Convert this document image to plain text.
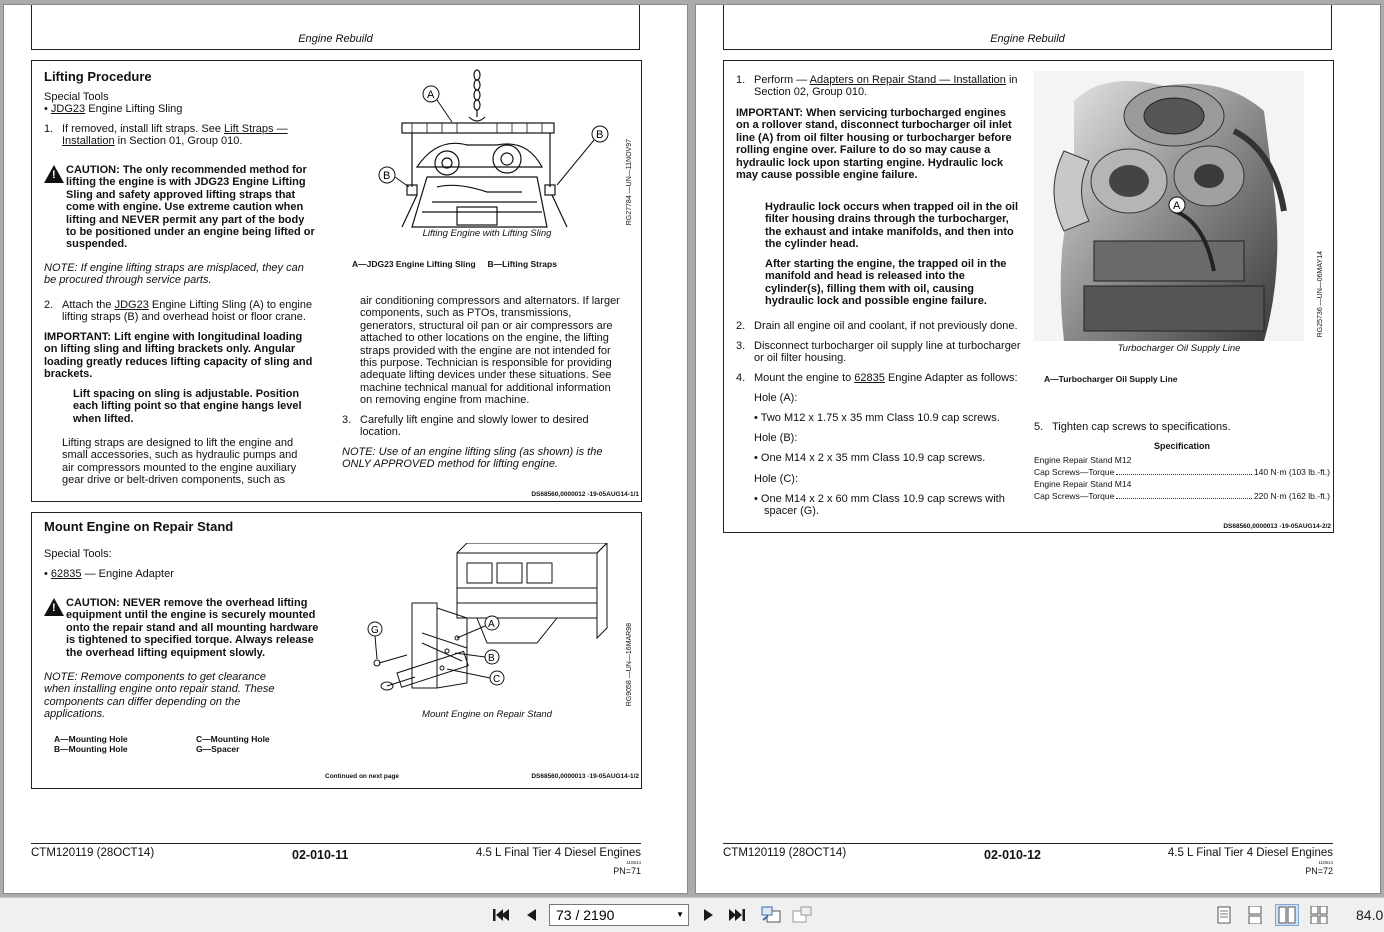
Engine Rebuild
Lifting Procedure
Special Tools
• JDG23 Engine Lifting Sling
1. If removed, install lift straps. See Lift Straps — Installation in Section 01, Group 010.
! CAUTION: The only recommended method for lifting the engine is with JDG23 Engine Lifting Sling and safety approved lifting straps that come with engine. Use extreme caution when lifting and NEVER permit any part of the body to be positioned under an engine being lifted or suspended.
NOTE: If engine lifting straps are misplaced, they can be procured through service parts.
2. Attach the JDG23 Engine Lifting Sling (A) to engine lifting straps (B) and overhead hoist or floor crane.
IMPORTANT: Lift engine with longitudinal loading on lifting sling and lifting brackets only. Angular loading greatly reduces lifting capacity of sling and brackets.
Lift spacing on sling is adjustable. Position each lifting point so that engine hangs level when lifted.
Lifting straps are designed to lift the engine and small accessories, such as hydraulic pumps and air compressors mounted to the engine auxiliary gear drive or belt-driven components, such as
air conditioning compressors and alternators. If larger components, such as PTOs, transmissions, generators, structural oil pan or air compressors are attached to other locations on the engine, the lifting straps provided with the engine are not intended for this purpose. Technician is responsible for providing adequate lifting devices under these situations. See machine technical manual for additional information on removing engine from machine.
3. Carefully lift engine and slowly lower to desired location.
NOTE: Use of an engine lifting sling (as shown) is the ONLY APPROVED method for lifting engine.
A
B
B	RG27784 —UN—11NOV97
Lifting Engine with Lifting Sling
A—JDG23 Engine Lifting Sling     B—Lifting Straps
DS68560,0000012 -19-05AUG14-1/1
Mount Engine on Repair Stand
Special Tools:
• 62835 — Engine Adapter
! CAUTION: NEVER remove the overhead lifting equipment until the engine is securely mounted onto the repair stand and all mounting hardware is tightened to specified torque. Always release the overhead lifting equipment slowly.
NOTE: Remove components to get clearance when installing engine onto repair stand. These components can differ depending on the applications.
A
B
C
G	RG9058 —UN—16MAR98
Mount Engine on Repair Stand
A—Mounting Hole
B—Mounting Hole
C—Mounting Hole
G—Spacer
Continued on next page	DS68560,0000013 -19-05AUG14-1/2
CTM120119 (28OCT14)	02-010-11	4.5 L Final Tier 4 Diesel Engines
110514
PN=71
Engine Rebuild
1. Perform — Adapters on Repair Stand — Installation in Section 02, Group 010.
IMPORTANT: When servicing turbocharged engines on a rollover stand, disconnect turbocharger oil inlet line (A) from oil filter housing or turbocharger before rolling engine over. Failure to do so may cause a hydraulic lock upon starting engine. Hydraulic lock may cause possible engine failure.
Hydraulic lock occurs when trapped oil in the oil filter housing drains through the turbocharger, the exhaust and intake manifolds, and then into the cylinder head.
After starting the engine, the trapped oil in the manifold and head is released into the cylinder(s), filling them with oil, causing hydraulic lock and possible engine failure.
2. Drain all engine oil and coolant, if not previously done.
3. Disconnect turbocharger oil supply line at turbocharger or oil filter housing.
4. Mount the engine to 62835 Engine Adapter as follows:
Hole (A):
• Two M12 x 1.75 x 35 mm Class 10.9 cap screws.
Hole (B):
• One M14 x 2 x 35 mm Class 10.9 cap screws.
Hole (C):
• One M14 x 2 x 60 mm Class 10.9 cap screws with spacer (G).
A
RG25736 —UN—06MAY14
Turbocharger Oil Supply Line
A—Turbocharger Oil Supply Line
5. Tighten cap screws to specifications.
Specification
Engine Repair Stand M12
Cap Screws—Torque	140 N·m (103 lb.-ft.)
Engine Repair Stand M14
Cap Screws—Torque	220 N·m (162 lb.-ft.)
DS68560,0000013 -19-05AUG14-2/2
CTM120119 (28OCT14)	02-010-12	4.5 L Final Tier 4 Diesel Engines
110514
PN=72
73 / 2190	▼	84.0
